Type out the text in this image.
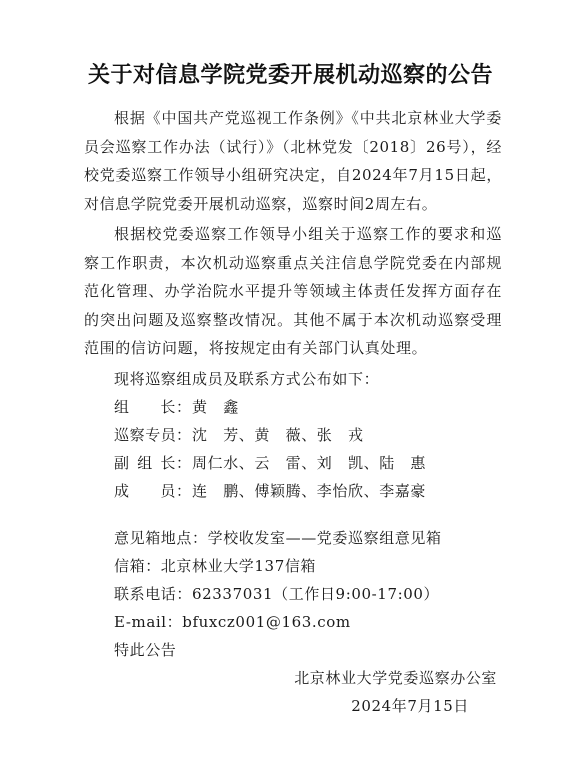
关于对信息学院党委开展机动巡察的公告

根据《中国共产党巡视工作条例》《中共北京林业大学委员会巡察工作办法（试行）》（北林党发〔2018〕26号），经校党委巡察工作领导小组研究决定，自2024年7月15日起，对信息学院党委开展机动巡察，巡察时间2周左右。

根据校党委巡察工作领导小组关于巡察工作的要求和巡察工作职责，本次机动巡察重点关注信息学院党委在内部规范化管理、办学治院水平提升等领域主体责任发挥方面存在的突出问题及巡察整改情况。其他不属于本次机动巡察受理范围的信访问题，将按规定由有关部门认真处理。

现将巡察组成员及联系方式公布如下：
组长：黄　鑫
巡察专员：沈　芳、黄　薇、张　戎
副组长：周仁水、云　雷、刘　凯、陆　惠
成员：连　鹏、傅颖腾、李怡欣、李嘉豪
意见箱地点：学校收发室——党委巡察组意见箱
信箱：北京林业大学137信箱
联系电话：62337031（工作日9:00-17:00）
E-mail：bfuxcz001@163.com
特此公告
北京林业大学党委巡察办公室
2024年7月15日
